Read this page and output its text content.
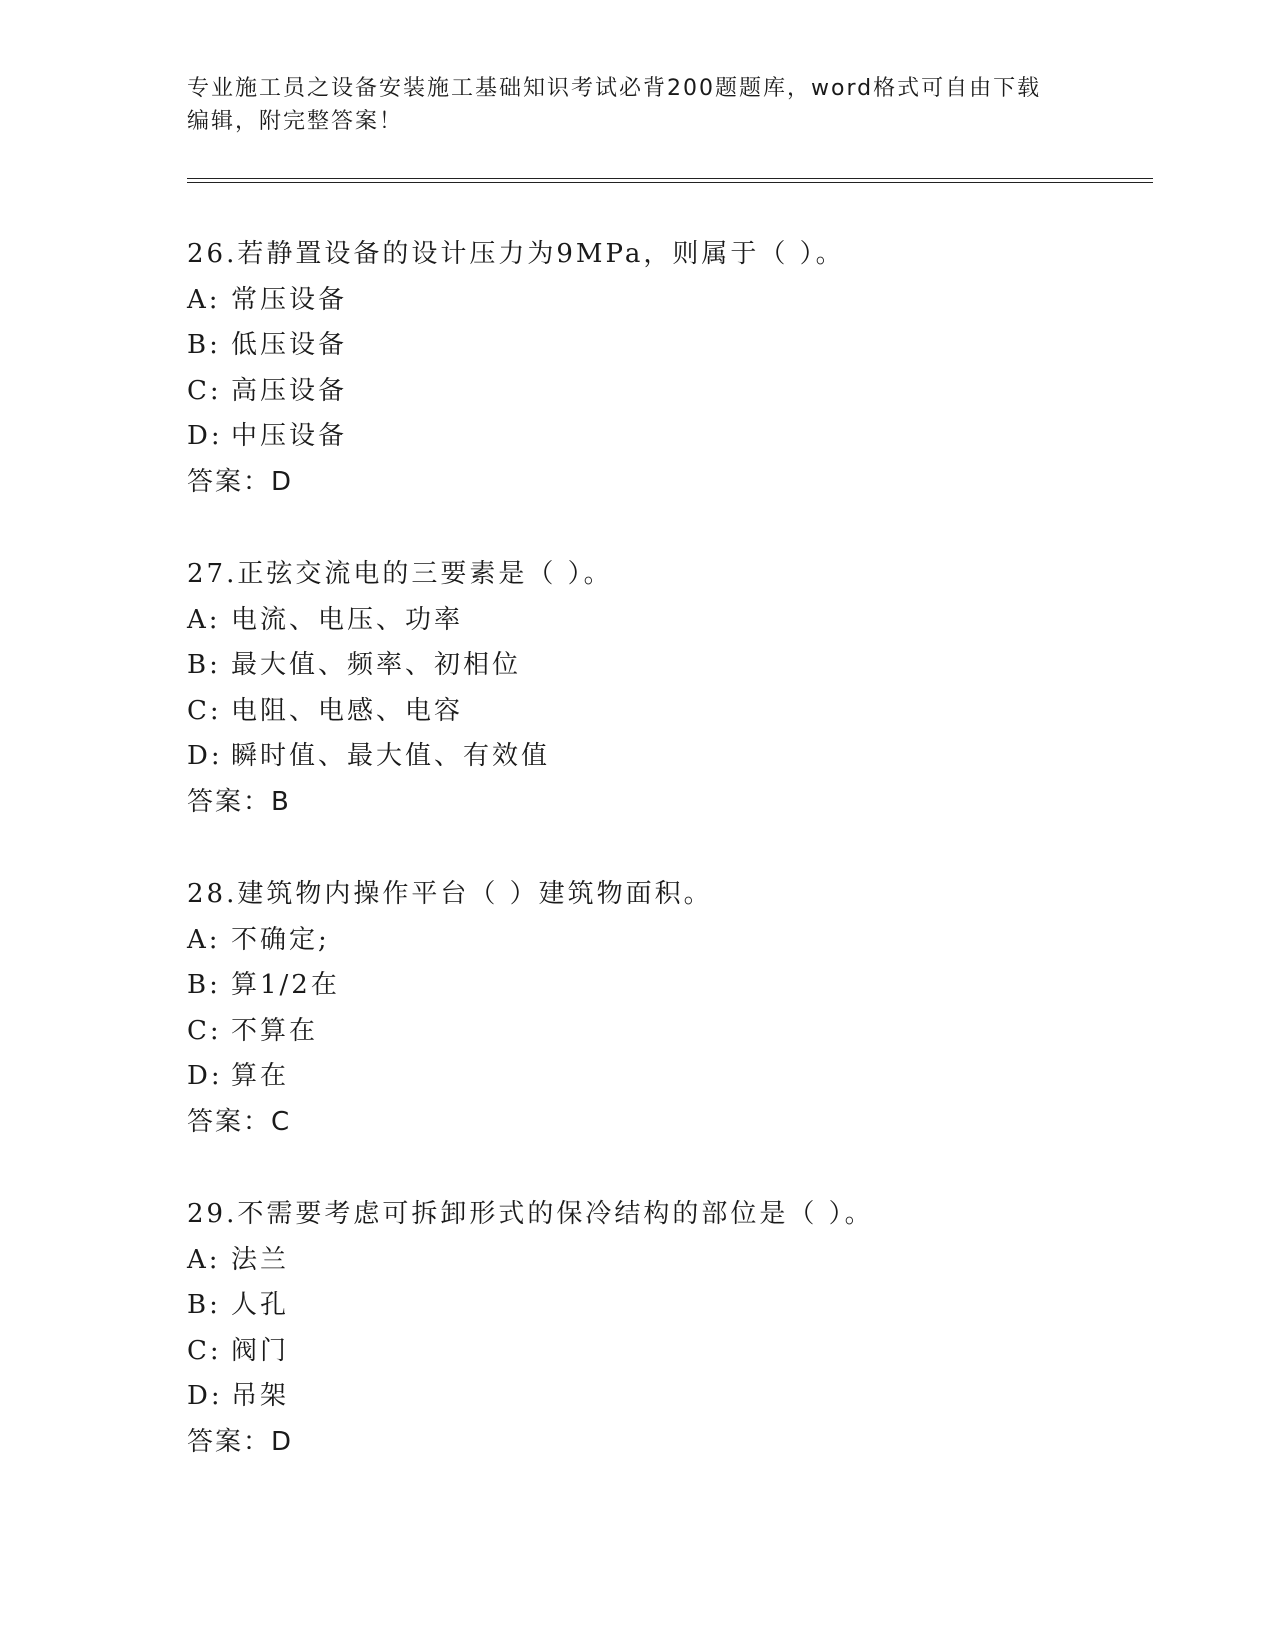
专业施工员之设备安装施工基础知识考试必背200题题库，word格式可自由下载
编辑，附完整答案！
26.若静置设备的设计压力为9MPa，则属于（ ）。
A: 常压设备
B: 低压设备
C: 高压设备
D: 中压设备
答案：D
27.正弦交流电的三要素是（ ）。
A: 电流、电压、功率
B: 最大值、频率、初相位
C: 电阻、电感、电容
D: 瞬时值、最大值、有效值
答案：B
28.建筑物内操作平台（ ）建筑物面积。
A: 不确定;
B: 算1/2在
C: 不算在
D: 算在
答案：C
29.不需要考虑可拆卸形式的保冷结构的部位是（ ）。
A: 法兰
B: 人孔
C: 阀门
D: 吊架
答案：D
